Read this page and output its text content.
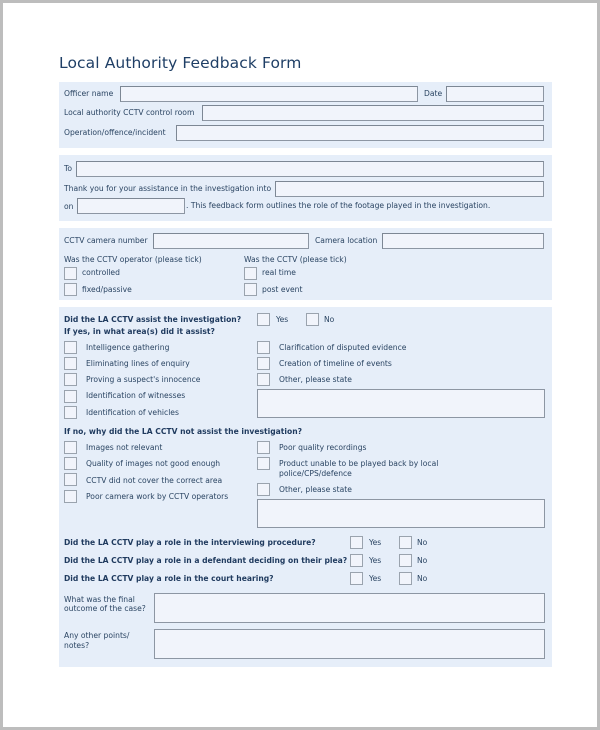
Local Authority Feedback Form
Officer name	Date
Local authority CCTV control room
Operation/offence/incident
To
Thank you for your assistance in the investigation into
on	. This feedback form outlines the role of the footage played in the investigation.
CCTV camera number	Camera location
Was the CCTV operator (please tick)
controlled
fixed/passive
Was the CCTV (please tick)
real time
post event
Did the LA CCTV assist the investigation?	Yes	No
If yes, in what area(s) did it assist?
Intelligence gathering
Eliminating lines of enquiry
Proving a suspect's innocence
Identification of witnesses
Identification of vehicles
Clarification of disputed evidence
Creation of timeline of events
Other, please state
If no, why did the LA CCTV not assist the investigation?
Images not relevant
Quality of images not good enough
CCTV did not cover the correct area
Poor camera work by CCTV operators
Poor quality recordings
Product unable to be played back by local
police/CPS/defence
Other, please state
Did the LA CCTV play a role in the interviewing procedure?	Yes	No
Did the LA CCTV play a role in a defendant deciding on their plea?	Yes	No
Did the LA CCTV play a role in the court hearing?	Yes	No
What was the final
outcome of the case?
Any other points/
notes?
